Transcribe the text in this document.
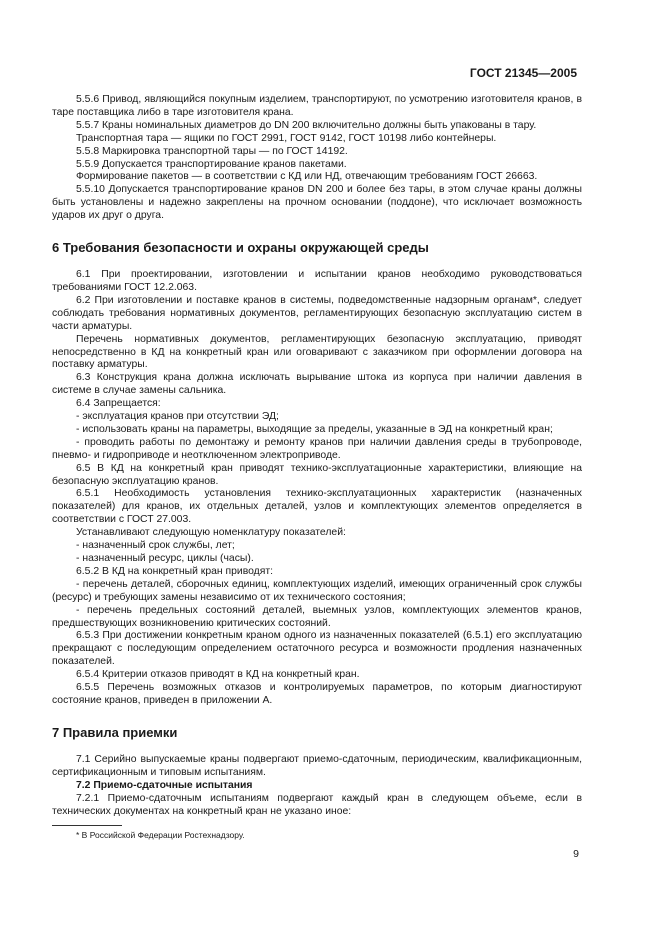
ГОСТ 21345—2005

5.5.6 Привод, являющийся покупным изделием, транспортируют, по усмотрению изготовителя кранов, в таре поставщика либо в таре изготовителя крана.

5.5.7 Краны номинальных диаметров до DN 200 включительно должны быть упакованы в тару.

Транспортная тара — ящики по ГОСТ 2991, ГОСТ 9142, ГОСТ 10198 либо контейнеры.

5.5.8 Маркировка транспортной тары — по ГОСТ 14192.

5.5.9 Допускается транспортирование кранов пакетами.

Формирование пакетов — в соответствии с КД или НД, отвечающим требованиям ГОСТ 26663.

5.5.10 Допускается транспортирование кранов DN 200 и более без тары, в этом случае краны должны быть установлены и надежно закреплены на прочном основании (поддоне), что исключает возможность ударов их друг о друга.

6 Требования безопасности и охраны окружающей среды

6.1 При проектировании, изготовлении и испытании кранов необходимо руководствоваться требованиями ГОСТ 12.2.063.

6.2 При изготовлении и поставке кранов в системы, подведомственные надзорным органам*, следует соблюдать требования нормативных документов, регламентирующих безопасную эксплуатацию систем в части арматуры.

Перечень нормативных документов, регламентирующих безопасную эксплуатацию, приводят непосредственно в КД на конкретный кран или оговаривают с заказчиком при оформлении договора на поставку арматуры.

6.3 Конструкция крана должна исключать вырывание штока из корпуса при наличии давления в системе в случае замены сальника.

6.4 Запрещается:

- эксплуатация кранов при отсутствии ЭД;

- использовать краны на параметры, выходящие за пределы, указанные в ЭД на конкретный кран;

- проводить работы по демонтажу и ремонту кранов при наличии давления среды в трубопроводе, пневмо- и гидроприводе и неотключенном электроприводе.

6.5 В КД на конкретный кран приводят технико-эксплуатационные характеристики, влияющие на безопасную эксплуатацию кранов.

6.5.1 Необходимость установления технико-эксплуатационных характеристик (назначенных показателей) для кранов, их отдельных деталей, узлов и комплектующих элементов определяется в соответствии с ГОСТ 27.003.

Устанавливают следующую номенклатуру показателей:

- назначенный срок службы, лет;

- назначенный ресурс, циклы (часы).

6.5.2 В КД на конкретный кран приводят:

- перечень деталей, сборочных единиц, комплектующих изделий, имеющих ограниченный срок службы (ресурс) и требующих замены независимо от их технического состояния;

- перечень предельных состояний деталей, выемных узлов, комплектующих элементов кранов, предшествующих возникновению критических состояний.

6.5.3 При достижении конкретным краном одного из назначенных показателей (6.5.1) его эксплуатацию прекращают с последующим определением остаточного ресурса и возможности продления назначенных показателей.

6.5.4 Критерии отказов приводят в КД на конкретный кран.

6.5.5 Перечень возможных отказов и контролируемых параметров, по которым диагностируют состояние кранов, приведен в приложении А.

7 Правила приемки

7.1 Серийно выпускаемые краны подвергают приемо-сдаточным, периодическим, квалификационным, сертификационным и типовым испытаниям.

7.2 Приемо-сдаточные испытания

7.2.1 Приемо-сдаточным испытаниям подвергают каждый кран в следующем объеме, если в технических документах на конкретный кран не указано иное:

* В Российской Федерации Ростехнадзору.
9
